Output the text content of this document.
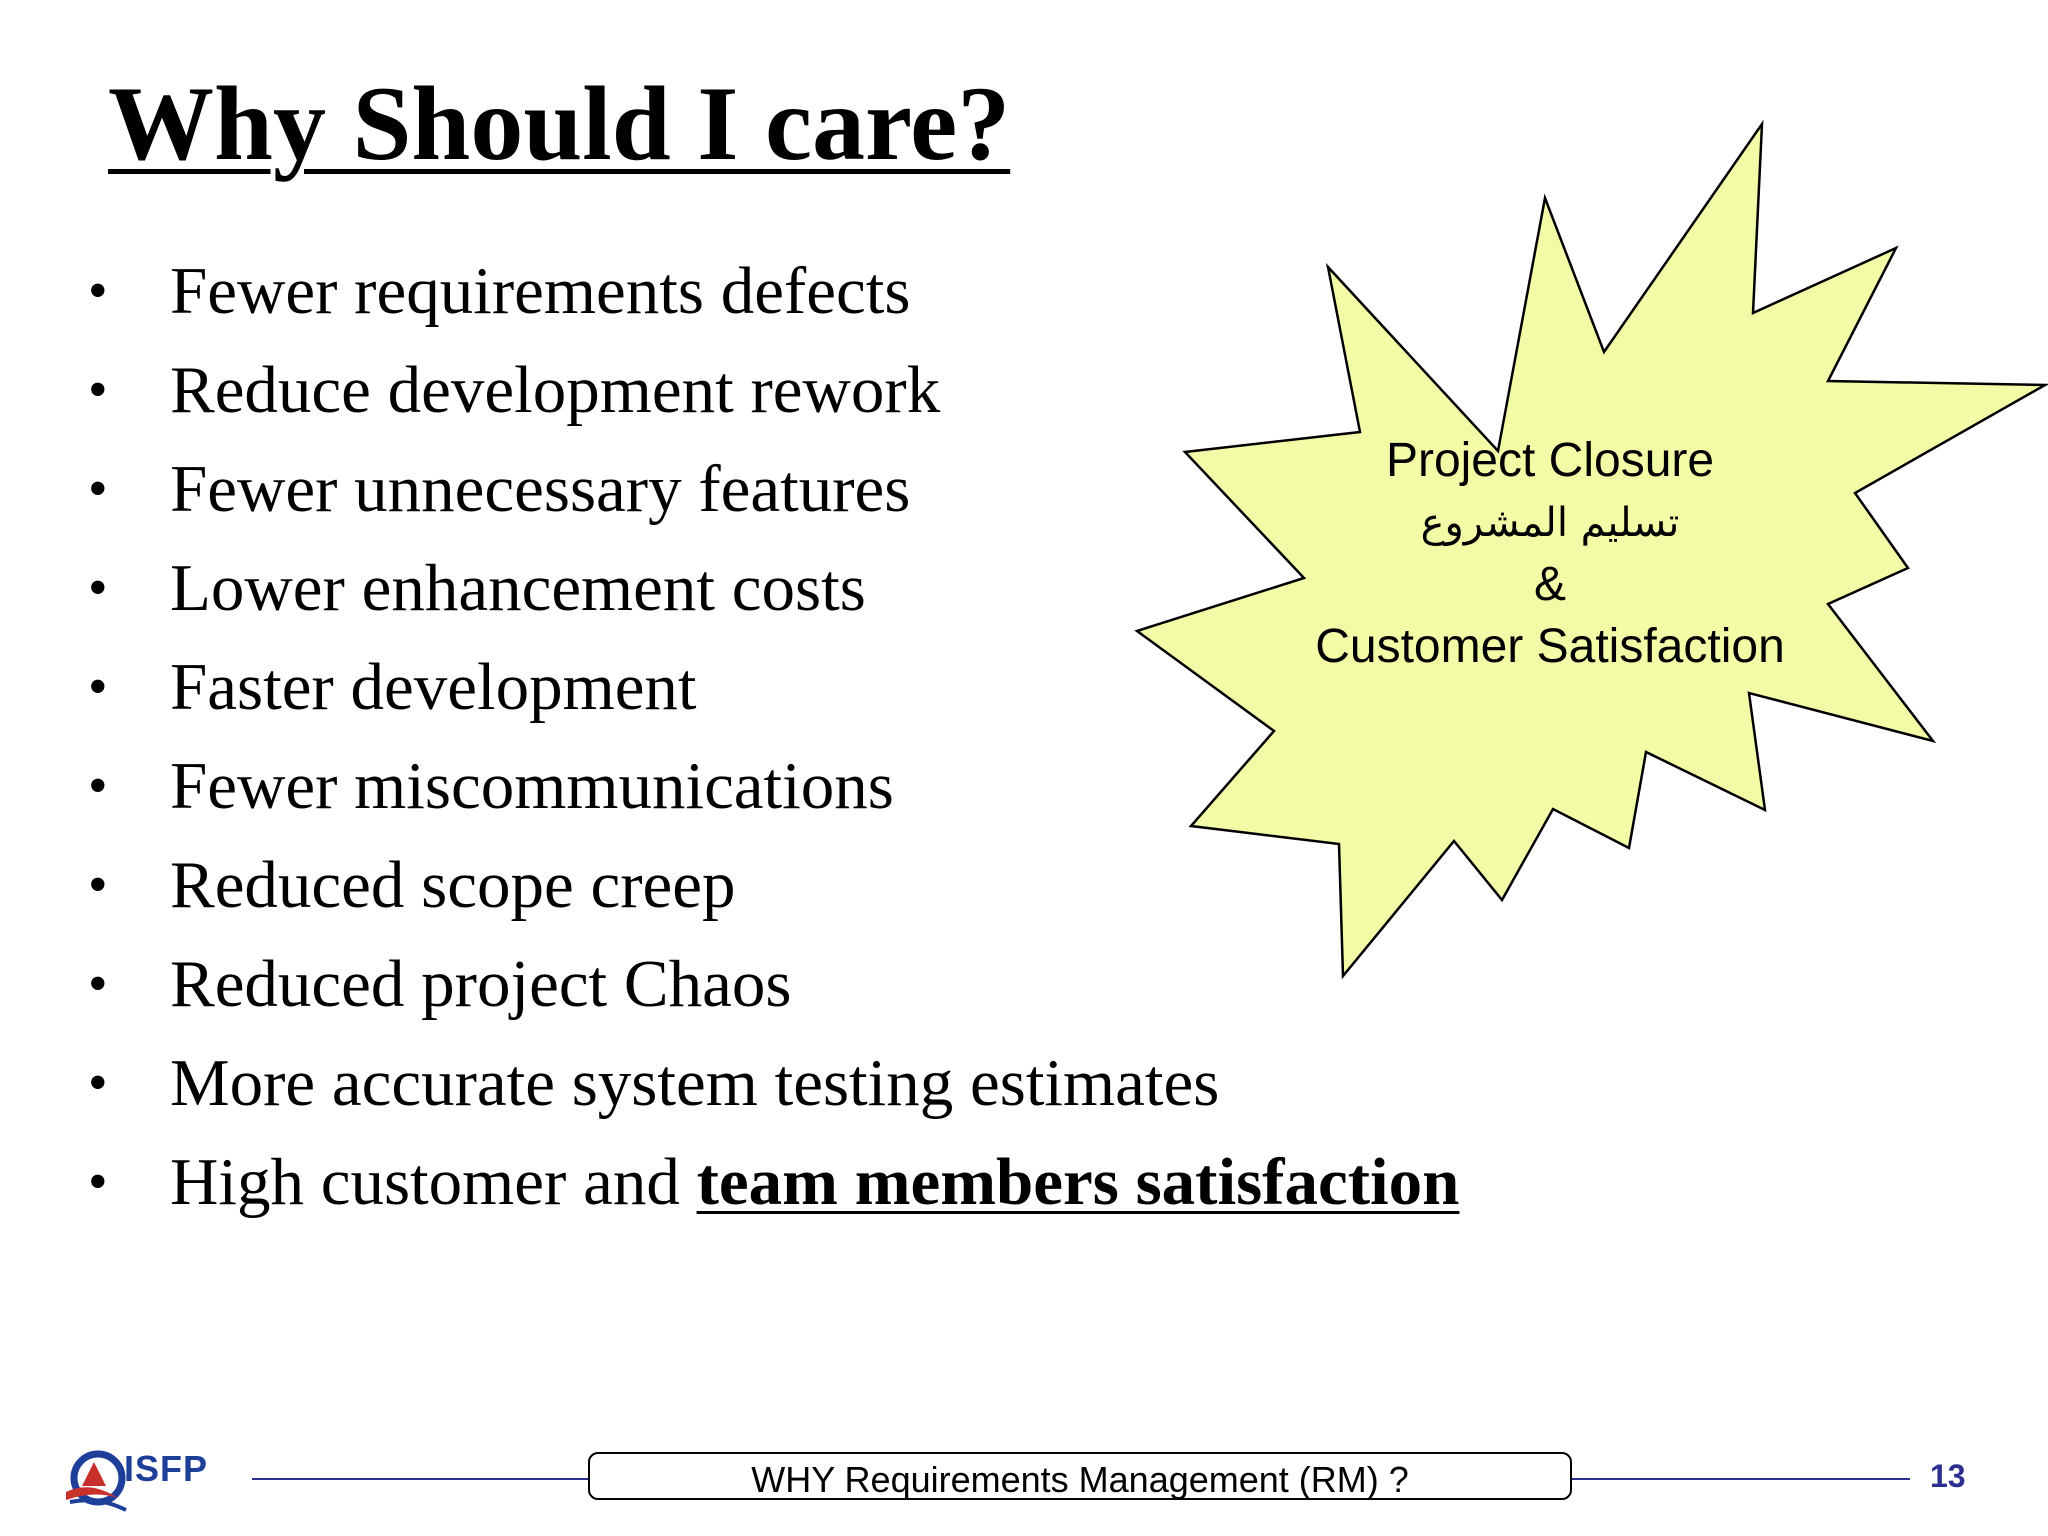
Why Should I care?
• Fewer requirements defects
• Reduce development rework
• Fewer unnecessary features
• Lower enhancement costs
• Faster development
• Fewer miscommunications
• Reduced scope creep
• Reduced project Chaos
• More accurate system testing estimates
• High customer and team members satisfaction
Project Closure
تسليم المشروع
&
Customer Satisfaction
ISFP	WHY Requirements Management (RM) ?	13
